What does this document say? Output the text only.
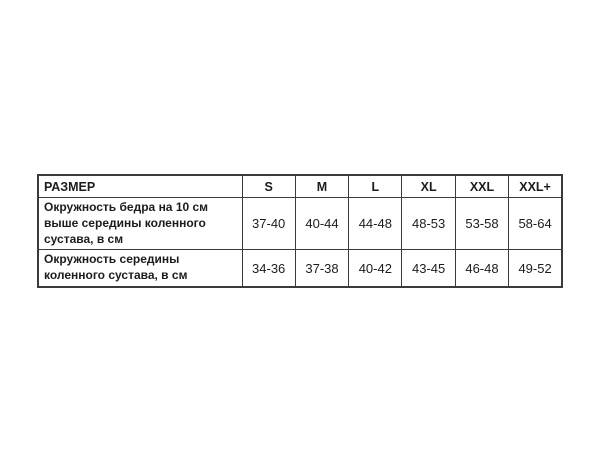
РАЗМЕР	S	M	L	XL	XXL	XXL+
Окружность бедра на 10 см выше середины коленного сустава, в см	37-40	40-44	44-48	48-53	53-58	58-64
Окружность середины коленного сустава, в см	34-36	37-38	40-42	43-45	46-48	49-52
